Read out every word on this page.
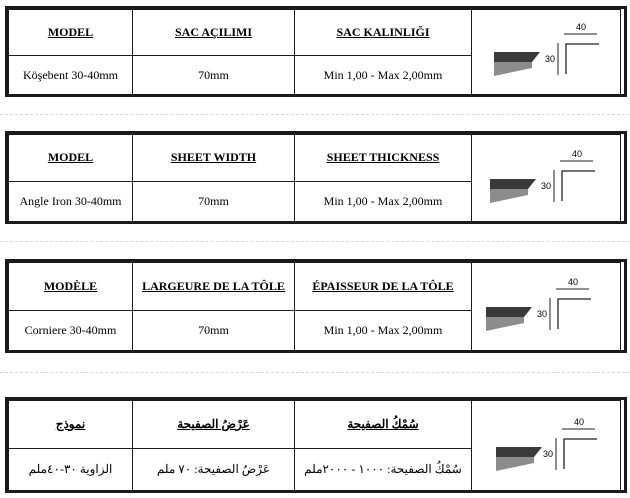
MODEL	SAC AÇILIMI	SAC KALINLIĞI	40
30

Köşebent 30-40mm	70mm	Min 1,00 - Max 2,00mm	
MODEL	SHEET WIDTH	SHEET THICKNESS	40
30

Angle Iron 30-40mm	70mm	Min 1,00 - Max 2,00mm	
MODÈLE	LARGEURE DE LA TÔLE	ÉPAISSEUR DE LA TÔLE	40
30

Corniere 30-40mm	70mm	Min 1,00 - Max 2,00mm	
نموذج	عَرْضُ الصفيحة	سُمْكُ الصفيحة	40
30

الزاوية ٣٠-٤٠ملم	عَرْضُ الصفيحة: ٧٠ ملم	سُمْكُ الصفيحة: ١٠٠٠ - ٢٠٠٠ملم	
